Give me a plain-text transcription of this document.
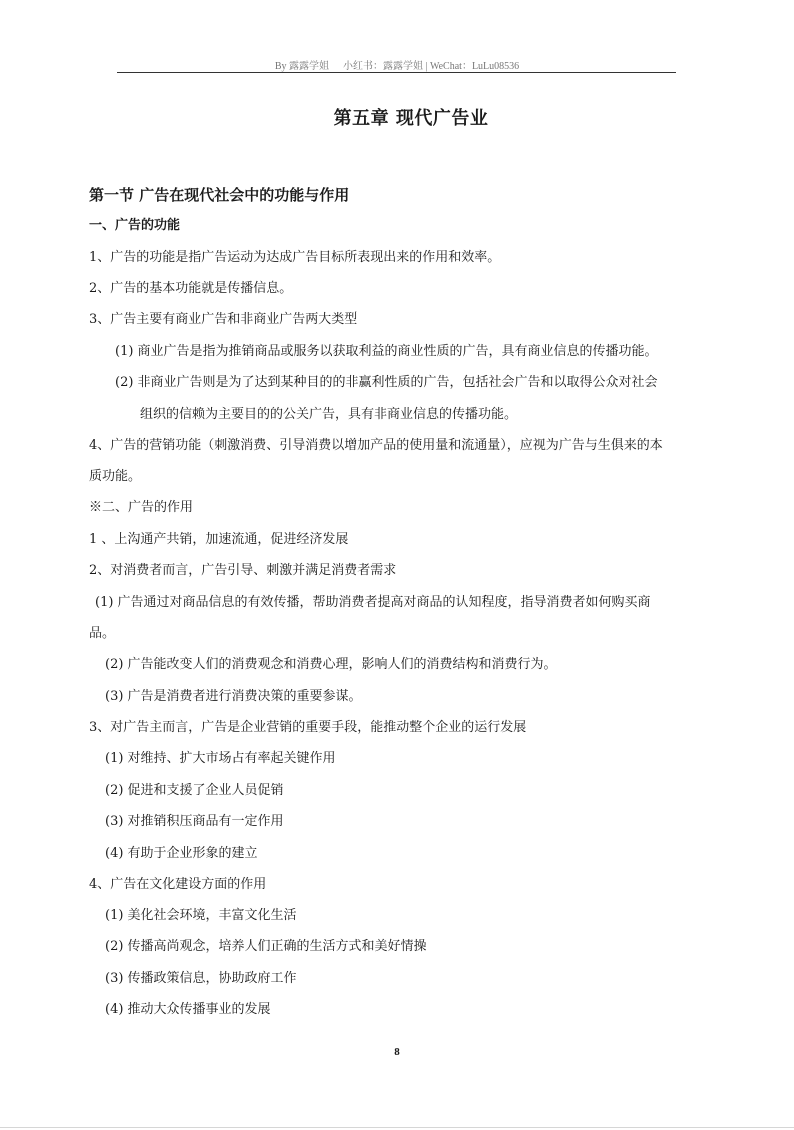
By 露露学姐 小红书：露露学姐 | WeChat：LuLu08536
第五章 现代广告业
第一节 广告在现代社会中的功能与作用
一、广告的功能
1、广告的功能是指广告运动为达成广告目标所表现出来的作用和效率。
2、广告的基本功能就是传播信息。
3、广告主要有商业广告和非商业广告两大类型
(1) 商业广告是指为推销商品或服务以获取利益的商业性质的广告，具有商业信息的传播功能。
(2) 非商业广告则是为了达到某种目的的非赢利性质的广告，包括社会广告和以取得公众对社会
组织的信赖为主要目的的公关广告，具有非商业信息的传播功能。
4、广告的营销功能（刺激消费、引导消费以增加产品的使用量和流通量），应视为广告与生俱来的本
质功能。
※二、广告的作用
1 、上沟通产共销，加速流通，促进经济发展
2、对消费者而言，广告引导、刺激并满足消费者需求
(1) 广告通过对商品信息的有效传播，帮助消费者提高对商品的认知程度，指导消费者如何购买商
品。
(2) 广告能改变人们的消费观念和消费心理，影响人们的消费结构和消费行为。
(3) 广告是消费者进行消费决策的重要参谋。
3、对广告主而言，广告是企业营销的重要手段，能推动整个企业的运行发展
(1) 对维持、扩大市场占有率起关键作用
(2) 促进和支援了企业人员促销
(3) 对推销积压商品有一定作用
(4) 有助于企业形象的建立
4、广告在文化建设方面的作用
(1) 美化社会环境，丰富文化生活
(2) 传播高尚观念，培养人们正确的生活方式和美好情操
(3) 传播政策信息，协助政府工作
(4) 推动大众传播事业的发展
8
